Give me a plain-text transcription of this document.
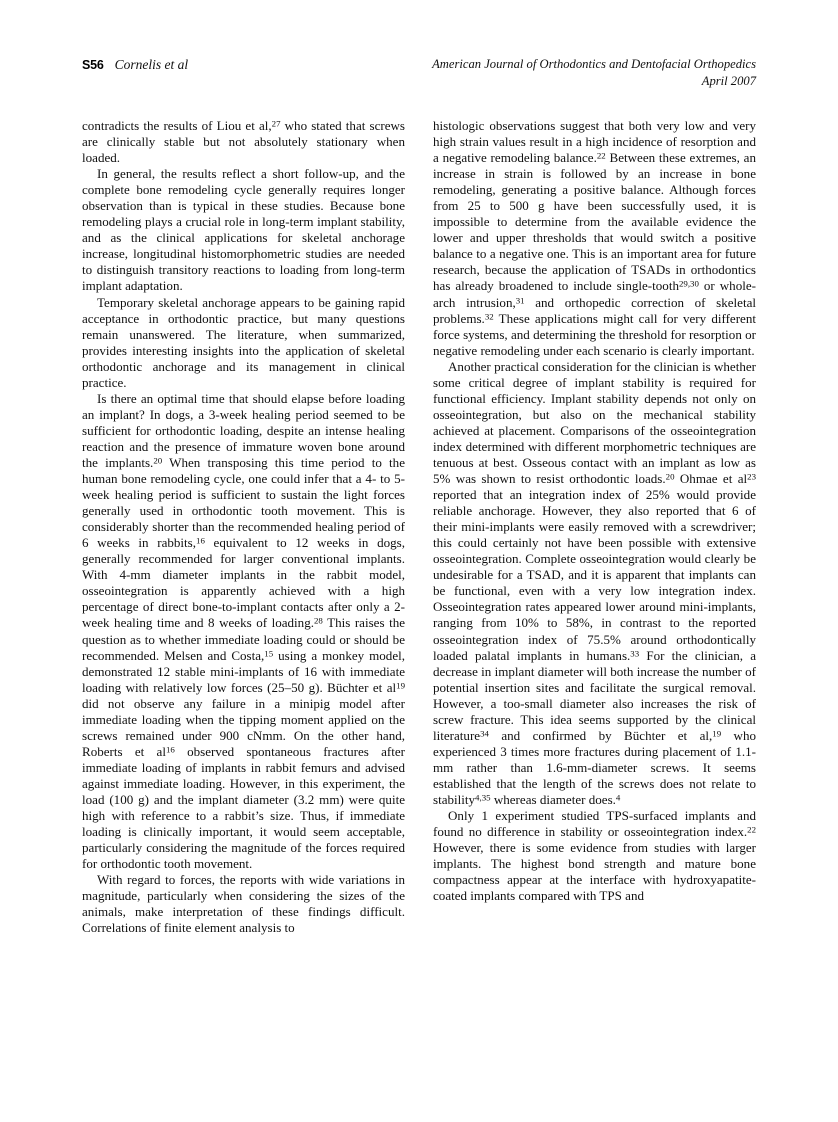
S56 Cornelis et al	American Journal of Orthodontics and Dentofacial Orthopedics
April 2007

contradicts the results of Liou et al,$^{27}$ who stated that screws are clinically stable but not absolutely stationary when loaded.

In general, the results reflect a short follow-up, and the complete bone remodeling cycle generally requires longer observation than is typical in these studies. Because bone remodeling plays a crucial role in long-term implant stability, and as the clinical applications for skeletal anchorage increase, longitudinal histomorphometric studies are needed to distinguish transitory reactions to loading from long-term implant adaptation.

Temporary skeletal anchorage appears to be gaining rapid acceptance in orthodontic practice, but many questions remain unanswered. The literature, when summarized, provides interesting insights into the application of skeletal orthodontic anchorage and its management in clinical practice.

Is there an optimal time that should elapse before loading an implant? In dogs, a 3-week healing period seemed to be sufficient for orthodontic loading, despite an intense healing reaction and the presence of immature woven bone around the implants.$^{20}$ When transposing this time period to the human bone remodeling cycle, one could infer that a 4- to 5-week healing period is sufficient to sustain the light forces generally used in orthodontic tooth movement. This is considerably shorter than the recommended healing period of 6 weeks in rabbits,$^{16}$ equivalent to 12 weeks in dogs, generally recommended for larger conventional implants. With 4-mm diameter implants in the rabbit model, osseointegration is apparently achieved with a high percentage of direct bone-to-implant contacts after only a 2-week healing time and 8 weeks of loading.$^{28}$ This raises the question as to whether immediate loading could or should be recommended. Melsen and Costa,$^{15}$ using a monkey model, demonstrated 12 stable mini-implants of 16 with immediate loading with relatively low forces (25–50 g). Büchter et $al^{19}$ did not observe any failure in a minipig model after immediate loading when the tipping moment applied on the screws remained under 900 cNmm. On the other hand, Roberts et $al^{16}$ observed spontaneous fractures after immediate loading of implants in rabbit femurs and advised against immediate loading. However, in this experiment, the load (100 g) and the implant diameter (3.2 mm) were quite high with reference to a rabbit’s size. Thus, if immediate loading is clinically important, it would seem acceptable, particularly considering the magnitude of the forces required for orthodontic tooth movement.

With regard to forces, the reports with wide variations in magnitude, particularly when considering the sizes of the animals, make interpretation of these findings difficult. Correlations of finite element analysis to

histologic observations suggest that both very low and very high strain values result in a high incidence of resorption and a negative remodeling balance.$^{22}$ Between these extremes, an increase in strain is followed by an increase in bone remodeling, generating a positive balance. Although forces from 25 to 500 g have been successfully used, it is impossible to determine from the available evidence the lower and upper thresholds that would switch a positive balance to a negative one. This is an important area for future research, because the application of TSADs in orthodontics has already broadened to include single-tooth$^{29,30}$ or whole-arch intrusion,$^{31}$ and orthopedic correction of skeletal problems.$^{32}$ These applications might call for very different force systems, and determining the threshold for resorption or negative remodeling under each scenario is clearly important.

Another practical consideration for the clinician is whether some critical degree of implant stability is required for functional efficiency. Implant stability depends not only on osseointegration, but also on the mechanical stability achieved at placement. Comparisons of the osseointegration index determined with different morphometric techniques are tenuous at best. Osseous contact with an implant as low as 5% was shown to resist orthodontic loads.$^{20}$ Ohmae et $al^{23}$ reported that an integration index of 25% would provide reliable anchorage. However, they also reported that 6 of their mini-implants were easily removed with a screwdriver; this could certainly not have been possible with extensive osseointegration. Complete osseointegration would clearly be undesirable for a TSAD, and it is apparent that implants can be functional, even with a very low integration index. Osseointegration rates appeared lower around mini-implants, ranging from 10% to 58%, in contrast to the reported osseointegration index of 75.5% around orthodontically loaded palatal implants in humans.$^{33}$ For the clinician, a decrease in implant diameter will both increase the number of potential insertion sites and facilitate the surgical removal. However, a too-small diameter also increases the risk of screw fracture. This idea seems supported by the clinical literature$^{34}$ and confirmed by Büchter et al,$^{19}$ who experienced 3 times more fractures during placement of 1.1-mm rather than 1.6-mm-diameter screws. It seems established that the length of the screws does not relate to stability$^{4,35}$ whereas diameter does.$^4$

Only 1 experiment studied TPS-surfaced implants and found no difference in stability or osseointegration index.$^{22}$ However, there is some evidence from studies with larger implants. The highest bond strength and mature bone compactness appear at the interface with hydroxyapatite-coated implants compared with TPS and
